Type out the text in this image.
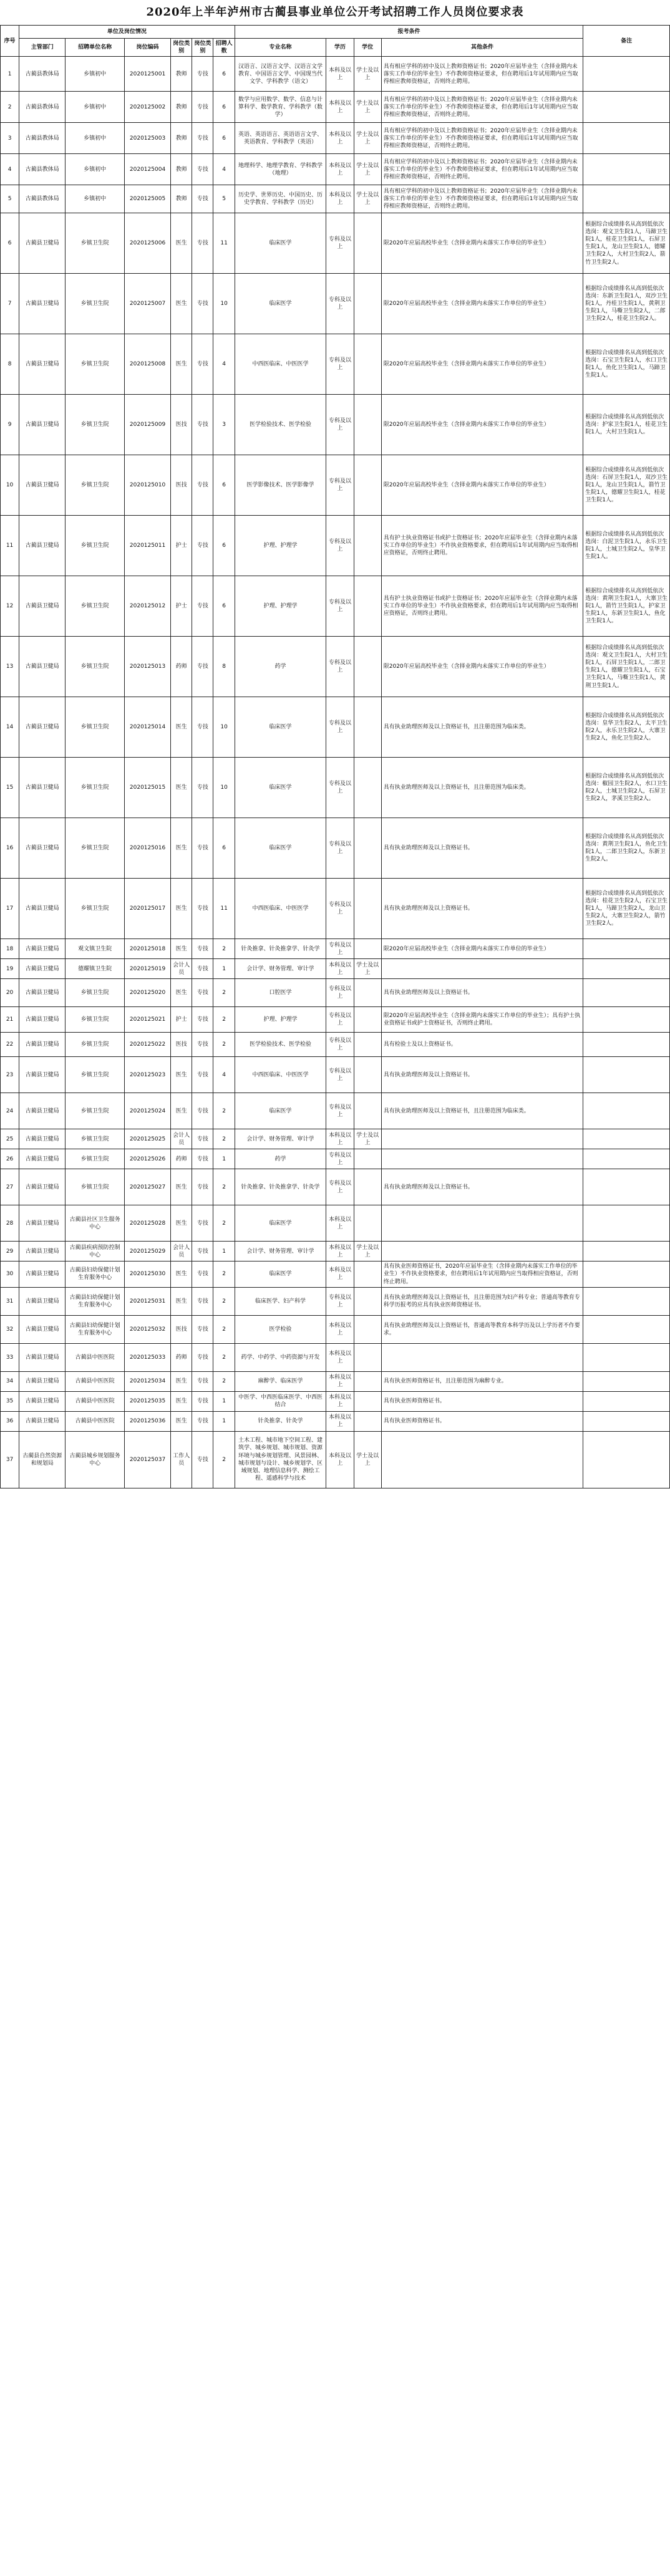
2020年上半年泸州市古蔺县事业单位公开考试招聘工作人员岗位要求表
序号	单位及岗位情况						报考条件				备注
	主管部门	招聘单位名称	岗位编码	岗位类别	岗位类别	招聘人数	专业名称	学历	学位	其他条件	
1	古蔺县教体局	乡镇初中	2020125001	教师	专技	6	汉语言、汉语言文学、汉语言文学教育、中国语言文学、中国现当代文学、学科教学（语文）	本科及以上	学士及以上	具有相应学科的初中及以上教师资格证书；2020年应届毕业生（含择业期内未落实工作单位的毕业生）不作教师资格证要求，但在聘用后1年试用期内应当取得相应教师资格证，否则终止聘用。	
2	古蔺县教体局	乡镇初中	2020125002	教师	专技	6	数学与应用数学、数学、信息与计算科学、数学教育、学科教学（数学）	本科及以上	学士及以上	具有相应学科的初中及以上教师资格证书；2020年应届毕业生（含择业期内未落实工作单位的毕业生）不作教师资格证要求，但在聘用后1年试用期内应当取得相应教师资格证，否则终止聘用。	
3	古蔺县教体局	乡镇初中	2020125003	教师	专技	6	英语、英语语言、英语语言文学、英语教育、学科教学（英语）	本科及以上	学士及以上	具有相应学科的初中及以上教师资格证书；2020年应届毕业生（含择业期内未落实工作单位的毕业生）不作教师资格证要求，但在聘用后1年试用期内应当取得相应教师资格证，否则终止聘用。	
4	古蔺县教体局	乡镇初中	2020125004	教师	专技	4	地理科学、地理学教育、学科教学（地理）	本科及以上	学士及以上	具有相应学科的初中及以上教师资格证书；2020年应届毕业生（含择业期内未落实工作单位的毕业生）不作教师资格证要求，但在聘用后1年试用期内应当取得相应教师资格证，否则终止聘用。	
5	古蔺县教体局	乡镇初中	2020125005	教师	专技	5	历史学、世界历史、中国历史、历史学教育、学科教学（历史）	本科及以上	学士及以上	具有相应学科的初中及以上教师资格证书；2020年应届毕业生（含择业期内未落实工作单位的毕业生）不作教师资格证要求，但在聘用后1年试用期内应当取得相应教师资格证，否则终止聘用。	
6	古蔺县卫健局	乡镇卫生院	2020125006	医生	专技	11	临床医学	专科及以上		限2020年应届高校毕业生（含择业期内未落实工作单位的毕业生）	根据综合成绩排名从高到低依次选岗：观文卫生院1人，马蹄卫生院1人，桂花卫生院1人，石屏卫生院1人，龙山卫生院1人，德耀卫生院2人，大村卫生院2人，箭竹卫生院2人。
7	古蔺县卫健局	乡镇卫生院	2020125007	医生	专技	10	临床医学	专科及以上		限2020年应届高校毕业生（含择业期内未落实工作单位的毕业生）	根据综合成绩排名从高到低依次选岗：东新卫生院1人，双沙卫生院1人，丹桂卫生院1人，黄荆卫生院1人，马嘶卫生院2人，二郎卫生院2人，桂花卫生院2人。
8	古蔺县卫健局	乡镇卫生院	2020125008	医生	专技	4	中西医临床、中医医学	专科及以上		限2020年应届高校毕业生（含择业期内未落实工作单位的毕业生）	根据综合成绩排名从高到低依次选岗：石宝卫生院1人，水口卫生院1人，鱼化卫生院1人，马蹄卫生院1人。
9	古蔺县卫健局	乡镇卫生院	2020125009	医技	专技	3	医学检验技术、医学检验	专科及以上		限2020年应届高校毕业生（含择业期内未落实工作单位的毕业生）	根据综合成绩排名从高到低依次选岗：护家卫生院1人，桂花卫生院1人，大村卫生院1人。
10	古蔺县卫健局	乡镇卫生院	2020125010	医技	专技	6	医学影像技术、医学影像学	专科及以上		限2020年应届高校毕业生（含择业期内未落实工作单位的毕业生）	根据综合成绩排名从高到低依次选岗：石屏卫生院1人，双沙卫生院1人，龙山卫生院1人，箭竹卫生院1人，德耀卫生院1人，桂花卫生院1人。
11	古蔺县卫健局	乡镇卫生院	2020125011	护士	专技	6	护理、护理学	专科及以上		具有护士执业资格证书或护士资格证书；2020年应届毕业生（含择业期内未落实工作单位的毕业生）不作执业资格要求，但在聘用后1年试用期内应当取得相应资格证，否则终止聘用。	根据综合成绩排名从高到低依次选岗：白泥卫生院1人，永乐卫生院1人，土城卫生院2人，皇华卫生院1人。
12	古蔺县卫健局	乡镇卫生院	2020125012	护士	专技	6	护理、护理学	专科及以上		具有护士执业资格证书或护士资格证书；2020年应届毕业生（含择业期内未落实工作单位的毕业生）不作执业资格要求，但在聘用后1年试用期内应当取得相应资格证，否则终止聘用。	根据综合成绩排名从高到低依次选岗：黄荆卫生院1人，大寨卫生院1人，箭竹卫生院1人，护家卫生院1人，东新卫生院1人，鱼化卫生院1人。
13	古蔺县卫健局	乡镇卫生院	2020125013	药师	专技	8	药学	专科及以上		限2020年应届高校毕业生（含择业期内未落实工作单位的毕业生）	根据综合成绩排名从高到低依次选岗：观文卫生院1人，大村卫生院1人，石屏卫生院1人，二郎卫生院1人，德耀卫生院1人，石宝卫生院1人，马嘶卫生院1人，黄荆卫生院1人。
14	古蔺县卫健局	乡镇卫生院	2020125014	医生	专技	10	临床医学	专科及以上		具有执业助理医师及以上资格证书，且注册范围为临床类。	根据综合成绩排名从高到低依次选岗：皇华卫生院2人，太平卫生院2人，永乐卫生院2人，大寨卫生院2人，鱼化卫生院2人。
15	古蔺县卫健局	乡镇卫生院	2020125015	医生	专技	10	临床医学	专科及以上		具有执业助理医师及以上资格证书，且注册范围为临床类。	根据综合成绩排名从高到低依次选岗：椒园卫生院2人，水口卫生院2人，土城卫生院2人，石屏卫生院2人，茅溪卫生院2人。
16	古蔺县卫健局	乡镇卫生院	2020125016	医生	专技	6	临床医学	专科及以上		具有执业助理医师及以上资格证书。	根据综合成绩排名从高到低依次选岗：黄荆卫生院1人，鱼化卫生院1人，二郎卫生院2人，东新卫生院2人。
17	古蔺县卫健局	乡镇卫生院	2020125017	医生	专技	11	中西医临床、中医医学	专科及以上		具有执业助理医师及以上资格证书。	根据综合成绩排名从高到低依次选岗：桂花卫生院2人，石宝卫生院1人，马蹄卫生院2人，龙山卫生院2人，大寨卫生院2人，箭竹卫生院2人。
18	古蔺县卫健局	观文镇卫生院	2020125018	医生	专技	2	针灸推拿、针灸推拿学、针灸学	专科及以上		限2020年应届高校毕业生（含择业期内未落实工作单位的毕业生）	
19	古蔺县卫健局	德耀镇卫生院	2020125019	会计人员	专技	1	会计学、财务管理、审计学	本科及以上	学士及以上		
20	古蔺县卫健局	乡镇卫生院	2020125020	医生	专技	2	口腔医学	专科及以上		具有执业助理医师及以上资格证书。	
21	古蔺县卫健局	乡镇卫生院	2020125021	护士	专技	2	护理、护理学	专科及以上		限2020年应届高校毕业生（含择业期内未落实工作单位的毕业生）；具有护士执业资格证书或护士资格证书，否则终止聘用。	
22	古蔺县卫健局	乡镇卫生院	2020125022	医技	专技	2	医学检验技术、医学检验	专科及以上		具有检验士及以上资格证书。	
23	古蔺县卫健局	乡镇卫生院	2020125023	医生	专技	4	中西医临床、中医医学	专科及以上		具有执业助理医师及以上资格证书。	
24	古蔺县卫健局	乡镇卫生院	2020125024	医生	专技	2	临床医学	专科及以上		具有执业助理医师及以上资格证书，且注册范围为临床类。	
25	古蔺县卫健局	乡镇卫生院	2020125025	会计人员	专技	2	会计学、财务管理、审计学	本科及以上	学士及以上		
26	古蔺县卫健局	乡镇卫生院	2020125026	药师	专技	1	药学	专科及以上			
27	古蔺县卫健局	乡镇卫生院	2020125027	医生	专技	2	针灸推拿、针灸推拿学、针灸学	专科及以上		具有执业助理医师及以上资格证书。	
28	古蔺县卫健局	古蔺县社区卫生服务中心	2020125028	医生	专技	2	临床医学	本科及以上			
29	古蔺县卫健局	古蔺县疾病预防控制中心	2020125029	会计人员	专技	1	会计学、财务管理、审计学	本科及以上	学士及以上		
30	古蔺县卫健局	古蔺县妇幼保健计划生育服务中心	2020125030	医生	专技	2	临床医学	本科及以上		具有执业医师资格证书，2020年应届毕业生（含择业期内未落实工作单位的毕业生）不作执业资格要求，但在聘用后1年试用期内应当取得相应资格证，否则终止聘用。	
31	古蔺县卫健局	古蔺县妇幼保健计划生育服务中心	2020125031	医生	专技	2	临床医学、妇产科学	专科及以上		具有执业助理医师及以上资格证书，且注册范围为妇产科专业；普通高等教育专科学历报考的应具有执业医师资格证书。	
32	古蔺县卫健局	古蔺县妇幼保健计划生育服务中心	2020125032	医技	专技	2	医学检验	本科及以上		具有执业助理医师及以上资格证书，普通高等教育本科学历及以上学历者不作要求。	
33	古蔺县卫健局	古蔺县中医医院	2020125033	药师	专技	2	药学、中药学、中药资源与开发	本科及以上			
34	古蔺县卫健局	古蔺县中医医院	2020125034	医生	专技	2	麻醉学、临床医学	本科及以上		具有执业医师资格证书，且注册范围为麻醉专业。	
35	古蔺县卫健局	古蔺县中医医院	2020125035	医生	专技	1	中医学、中西医临床医学、中西医结合	本科及以上		具有执业医师资格证书。	
36	古蔺县卫健局	古蔺县中医医院	2020125036	医生	专技	1	针灸推拿、针灸学	本科及以上		具有执业医师资格证书。	
37	古蔺县自然资源和规划局	古蔺县城乡规划服务中心	2020125037	工作人员	专技	2	土木工程、城市地下空间工程、建筑学、城乡规划、城市规划、资源环境与城乡规划管理、风景园林、城市规划与设计、城乡规划学、区域规划、地理信息科学、测绘工程、遥感科学与技术	本科及以上	学士及以上		
